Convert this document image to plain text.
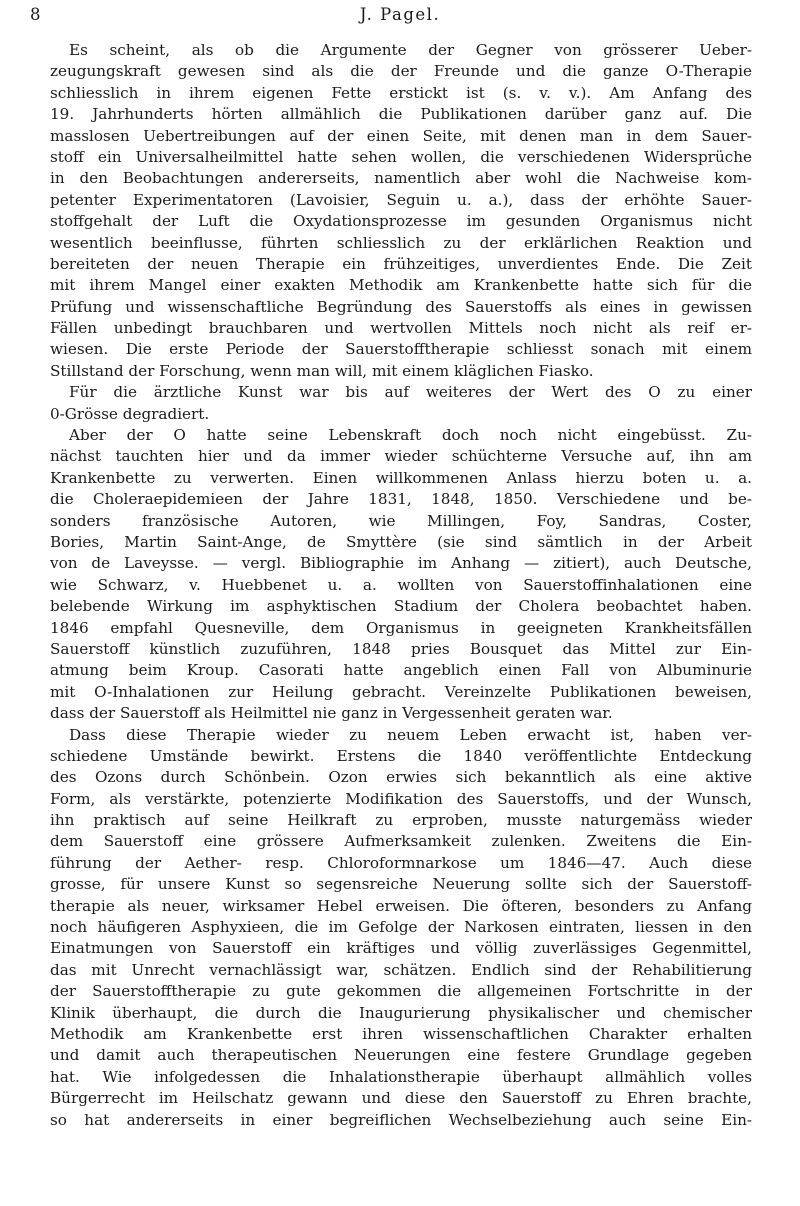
8	J. Pagel.
Es scheint, als ob die Argumente der Gegner von grösserer Ueber-
zeugungskraft gewesen sind als die der Freunde und die ganze O-Therapie
schliesslich in ihrem eigenen Fette erstickt ist (s. v. v.). Am Anfang des
19. Jahrhunderts hörten allmählich die Publikationen darüber ganz auf. Die
masslosen Uebertreibungen auf der einen Seite, mit denen man in dem Sauer-
stoff ein Universalheilmittel hatte sehen wollen, die verschiedenen Widersprüche
in den Beobachtungen andererseits, namentlich aber wohl die Nachweise kom-
petenter Experimentatoren (Lavoisier, Seguin u. a.), dass der erhöhte Sauer-
stoffgehalt der Luft die Oxydationsprozesse im gesunden Organismus nicht
wesentlich beeinflusse, führten schliesslich zu der erklärlichen Reaktion und
bereiteten der neuen Therapie ein frühzeitiges, unverdientes Ende. Die Zeit
mit ihrem Mangel einer exakten Methodik am Krankenbette hatte sich für die
Prüfung und wissenschaftliche Begründung des Sauerstoffs als eines in gewissen
Fällen unbedingt brauchbaren und wertvollen Mittels noch nicht als reif er-
wiesen. Die erste Periode der Sauerstofftherapie schliesst sonach mit einem
Stillstand der Forschung, wenn man will, mit einem kläglichen Fiasko.
Für die ärztliche Kunst war bis auf weiteres der Wert des O zu einer
0-Grösse degradiert.
Aber der O hatte seine Lebenskraft doch noch nicht eingebüsst. Zu-
nächst tauchten hier und da immer wieder schüchterne Versuche auf, ihn am
Krankenbette zu verwerten. Einen willkommenen Anlass hierzu boten u. a.
die Choleraepidemieen der Jahre 1831, 1848, 1850. Verschiedene und be-
sonders französische Autoren, wie Millingen, Foy, Sandras, Coster,
Bories, Martin Saint-Ange, de Smyttère (sie sind sämtlich in der Arbeit
von de Laveysse. — vergl. Bibliographie im Anhang — zitiert), auch Deutsche,
wie Schwarz, v. Huebbenet u. a. wollten von Sauerstoffinhalationen eine
belebende Wirkung im asphyktischen Stadium der Cholera beobachtet haben.
1846 empfahl Quesneville, dem Organismus in geeigneten Krankheitsfällen
Sauerstoff künstlich zuzuführen, 1848 pries Bousquet das Mittel zur Ein-
atmung beim Kroup. Casorati hatte angeblich einen Fall von Albuminurie
mit O-Inhalationen zur Heilung gebracht. Vereinzelte Publikationen beweisen,
dass der Sauerstoff als Heilmittel nie ganz in Vergessenheit geraten war.
Dass diese Therapie wieder zu neuem Leben erwacht ist, haben ver-
schiedene Umstände bewirkt. Erstens die 1840 veröffentlichte Entdeckung
des Ozons durch Schönbein. Ozon erwies sich bekanntlich als eine aktive
Form, als verstärkte, potenzierte Modifikation des Sauerstoffs, und der Wunsch,
ihn praktisch auf seine Heilkraft zu erproben, musste naturgemäss wieder
dem Sauerstoff eine grössere Aufmerksamkeit zulenken. Zweitens die Ein-
führung der Aether- resp. Chloroformnarkose um 1846—47. Auch diese
grosse, für unsere Kunst so segensreiche Neuerung sollte sich der Sauerstoff-
therapie als neuer, wirksamer Hebel erweisen. Die öfteren, besonders zu Anfang
noch häufigeren Asphyxieen, die im Gefolge der Narkosen eintraten, liessen in den
Einatmungen von Sauerstoff ein kräftiges und völlig zuverlässiges Gegenmittel,
das mit Unrecht vernachlässigt war, schätzen. Endlich sind der Rehabilitierung
der Sauerstofftherapie zu gute gekommen die allgemeinen Fortschritte in der
Klinik überhaupt, die durch die Inaugurierung physikalischer und chemischer
Methodik am Krankenbette erst ihren wissenschaftlichen Charakter erhalten
und damit auch therapeutischen Neuerungen eine festere Grundlage gegeben
hat. Wie infolgedessen die Inhalationstherapie überhaupt allmählich volles
Bürgerrecht im Heilschatz gewann und diese den Sauerstoff zu Ehren brachte,
so hat andererseits in einer begreiflichen Wechselbeziehung auch seine Ein-
